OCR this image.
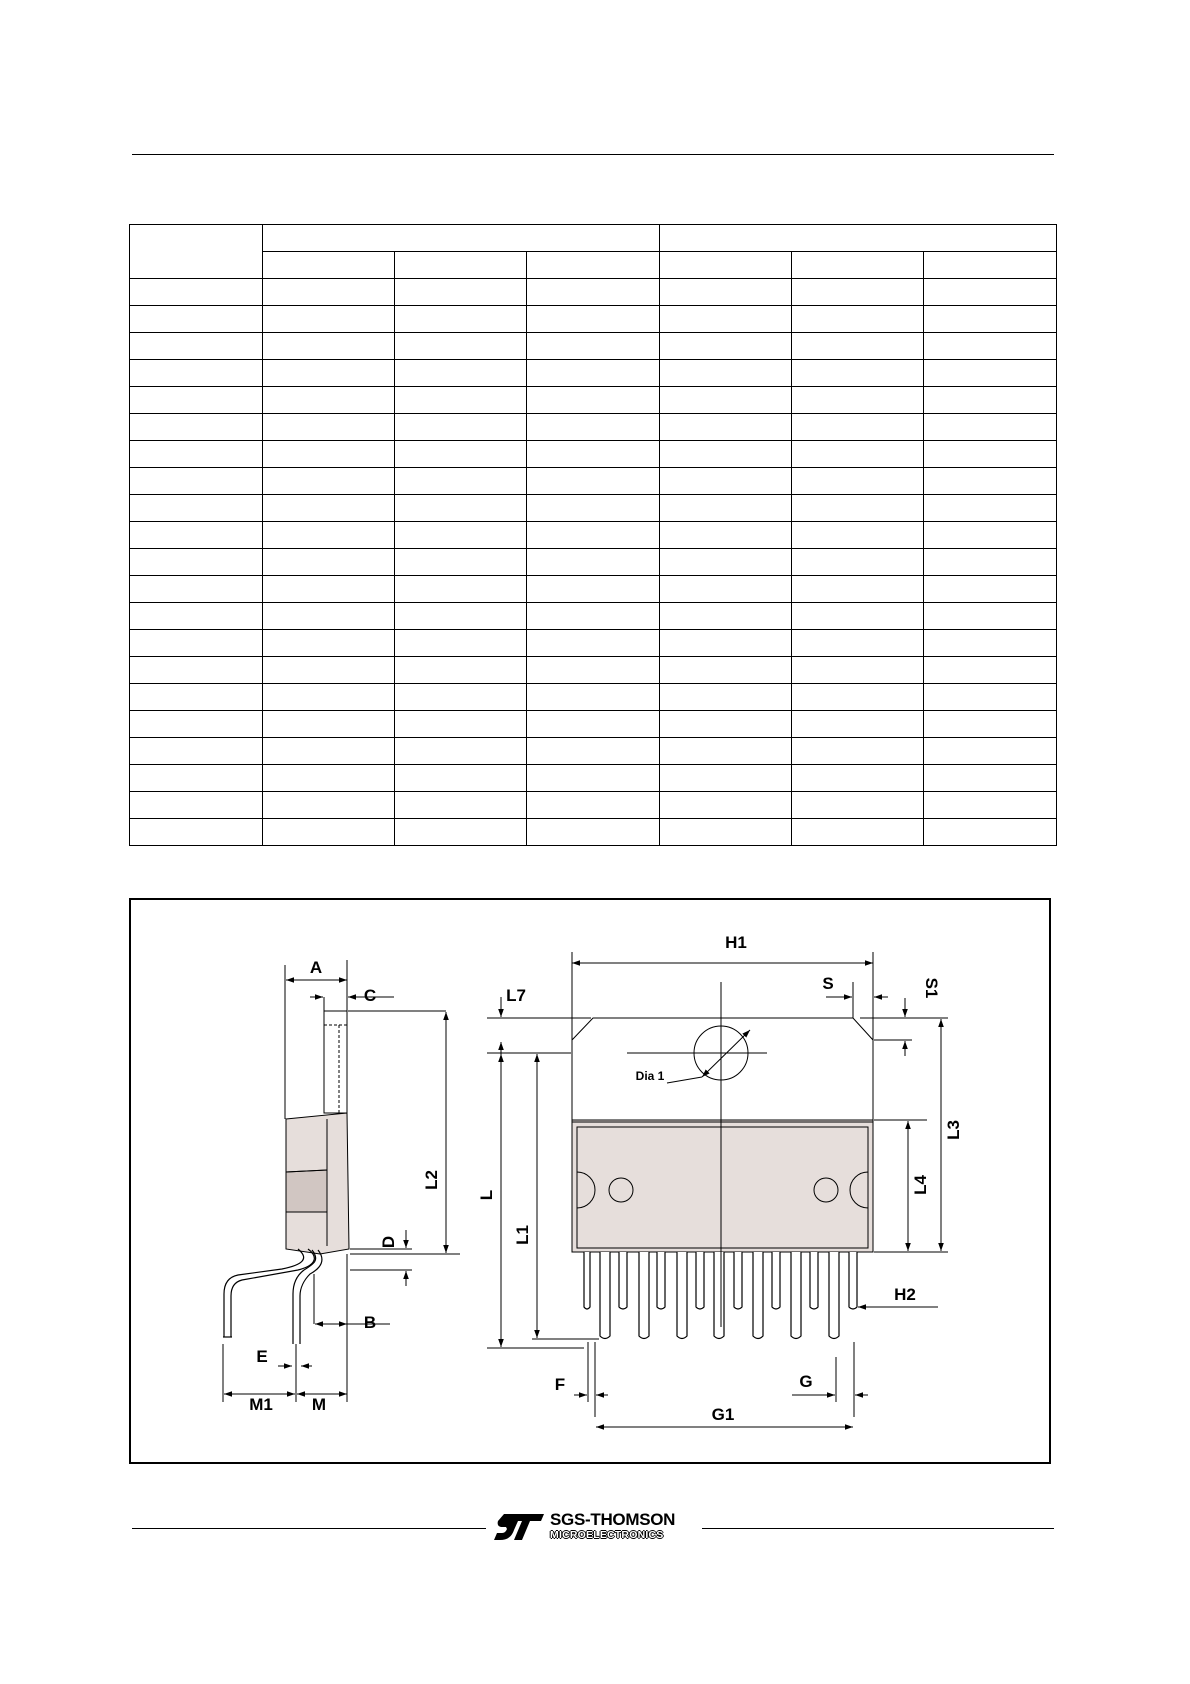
A
C
L2
D
B
E
M1 M
H1
L7
S	S1
L3
L4
L
L1
H2
F	G
G1
Dia 1
SGS-THOMSON
MICROELECTRONICS
